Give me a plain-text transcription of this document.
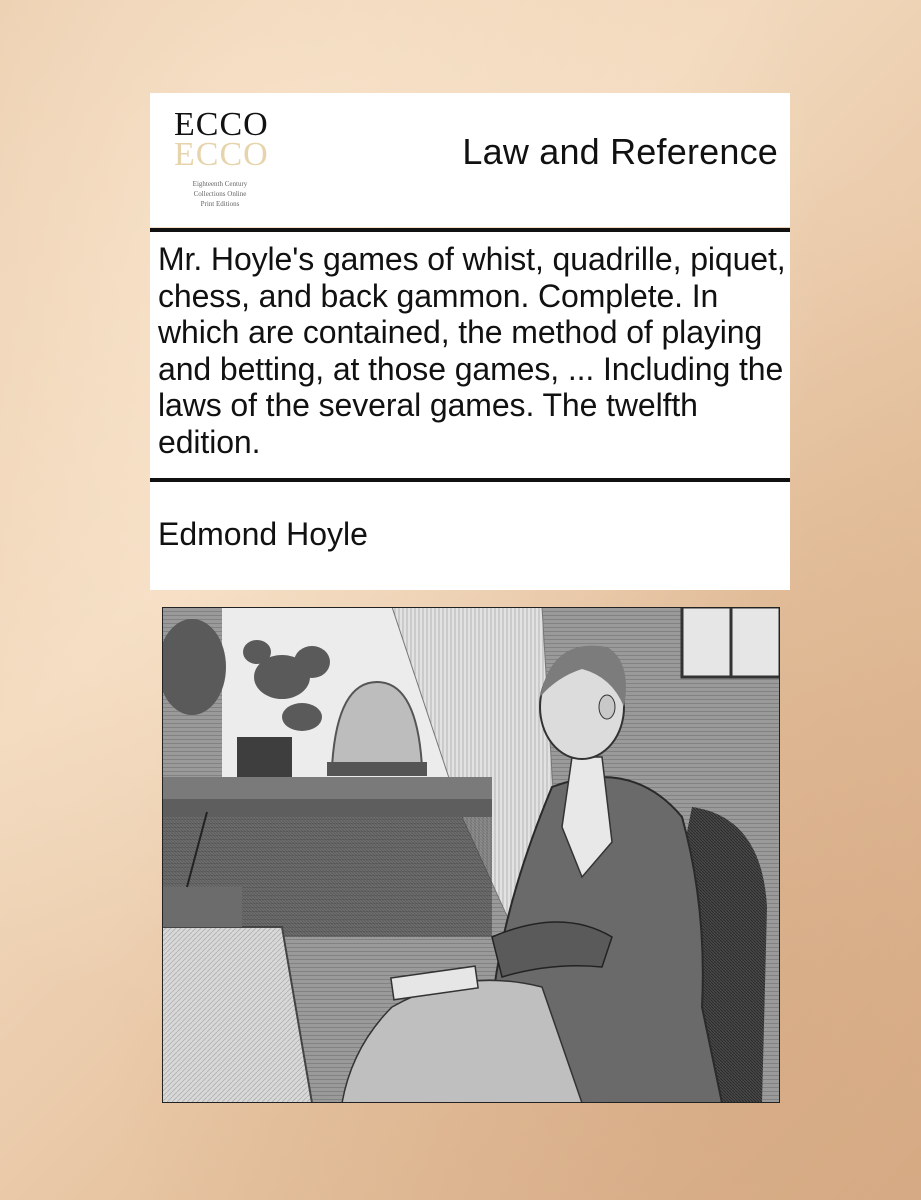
ECCO
ECCO
Eighteenth Century
Collections Online
Print Editions
Law and Reference
Mr. Hoyle's games of whist, quadrille, piquet, chess, and back gammon. Complete. In which are contained, the method of playing and betting, at those games, ... Including the laws of the several games. The twelfth edition.
Edmond Hoyle
